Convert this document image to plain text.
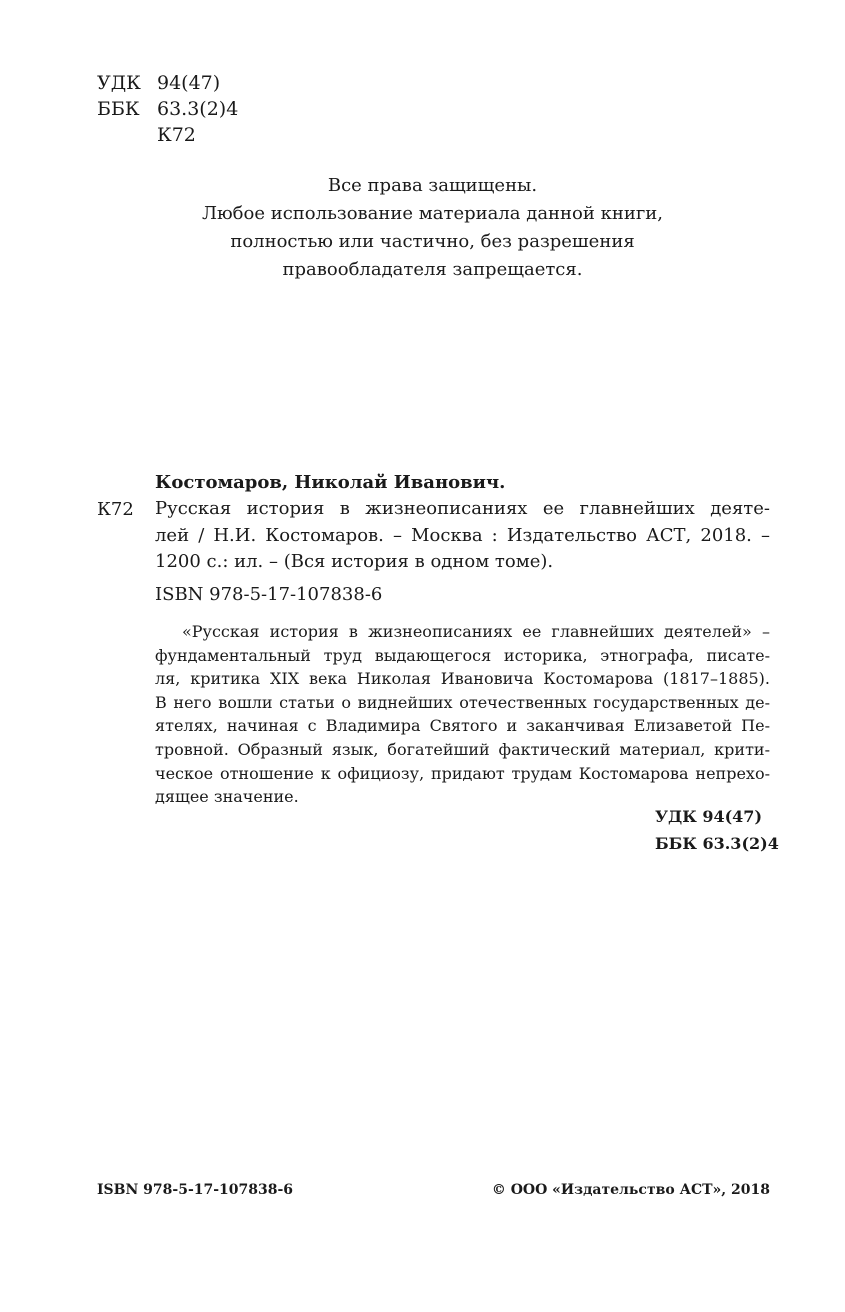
УДК 94(47)
ББК 63.3(2)4
К72
Все права защищены.
Любое использование материала данной книги,
полностью или частично, без разрешения
правообладателя запрещается.
Костомаров, Николай Иванович.
К72 Русская история в жизнеописаниях ее главнейших деяте-
лей / Н.И. Костомаров. – Москва : Издательство АСТ, 2018. –
1200 с.: ил. – (Вся история в одном томе).
ISBN 978-5-17-107838-6
«Русская история в жизнеописаниях ее главнейших деятелей» –
фундаментальный труд выдающегося историка, этнографа, писате-
ля, критика XIX века Николая Ивановича Костомарова (1817–1885).
В него вошли статьи о виднейших отечественных государственных де-
ятелях, начиная с Владимира Святого и заканчивая Елизаветой Пе-
тровной. Образный язык, богатейший фактический материал, крити-
ческое отношение к официозу, придают трудам Костомарова непрехо-
дящее значение.
УДК 94(47)
ББК 63.3(2)4
ISBN 978-5-17-107838-6	© ООО «Издательство АСТ», 2018
